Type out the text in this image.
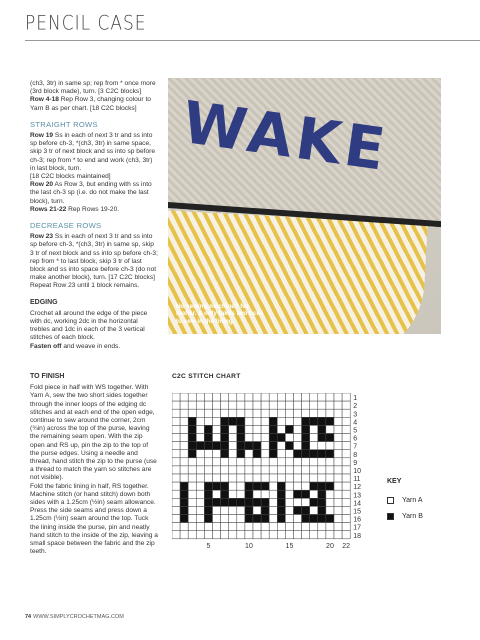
PENCIL CASE

(ch3, 3tr) in same sp; rep from * once more (3rd block made), turn. [3 C2C blocks]

Row 4-18 Rep Row 3, changing colour to Yarn B as per chart. [18 C2C blocks]

STRAIGHT ROWS

Row 19 Ss in each of next 3 tr and ss into sp before ch-3, *(ch3, 3tr) in same space, skip 3 tr of next block and ss into sp before ch-3; rep from * to end and work (ch3, 3tr) in last block, turn.

[18 C2C blocks maintained]

Row 20 As Row 3, but ending with ss into the last ch-3 sp (i.e. do not make the last block), turn.

Rows 21-22 Rep Rows 19-20.

DECREASE ROWS

Row 23 Ss in each of next 3 tr and ss into sp before ch-3, *(ch3, 3tr) in same sp, skip 3 tr of next block and ss into sp before ch-3; rep from * to last block, skip 3 tr of last block and ss into space before ch-3 (do not make another block), turn. [17 C2C blocks] Repeat Row 23 until 1 block remains.

EDGING

Crochet all around the edge of the piece with dc, working 2dc in the horizontal trebles and 1dc in each of the 3 vertical stitches of each block.

Fasten off and weave in ends.

TO FINISH

Fold piece in half with WS together. With Yarn A, sew the two short sides together through the inner loops of the edging dc stitches and at each end of the open edge, continue to sew around the corner, 2cm (¾in) across the top of the purse, leaving the remaining seam open. With the zip open and RS up, pin the zip to the top of the purse edges. Using a needle and thread, hand stitch the zip to the purse (use a thread to match the yarn so stitches are not visible).

Fold the fabric lining in half, RS together. Machine stitch (or hand stitch) down both sides with a 1.25cm (½in) seam allowance. Press the side seams and press down a 1.25cm (½in) seam around the top. Tuck the lining inside the purse, pin and neatly hand stitch to the inside of the zip, leaving a small space between the fabric and the zip teeth.

WAKE
No sewing machine? No matter. It only takes two ticks to sew in the lining.
C2C STITCH CHART
1
2
3
4
5
6
7
8
9
10
11
12
13
14
15
16
17
18
5	10	15	20 22
KEY
Yarn A
Yarn B
74 WWW.SIMPLYCROCHETMAG.COM
